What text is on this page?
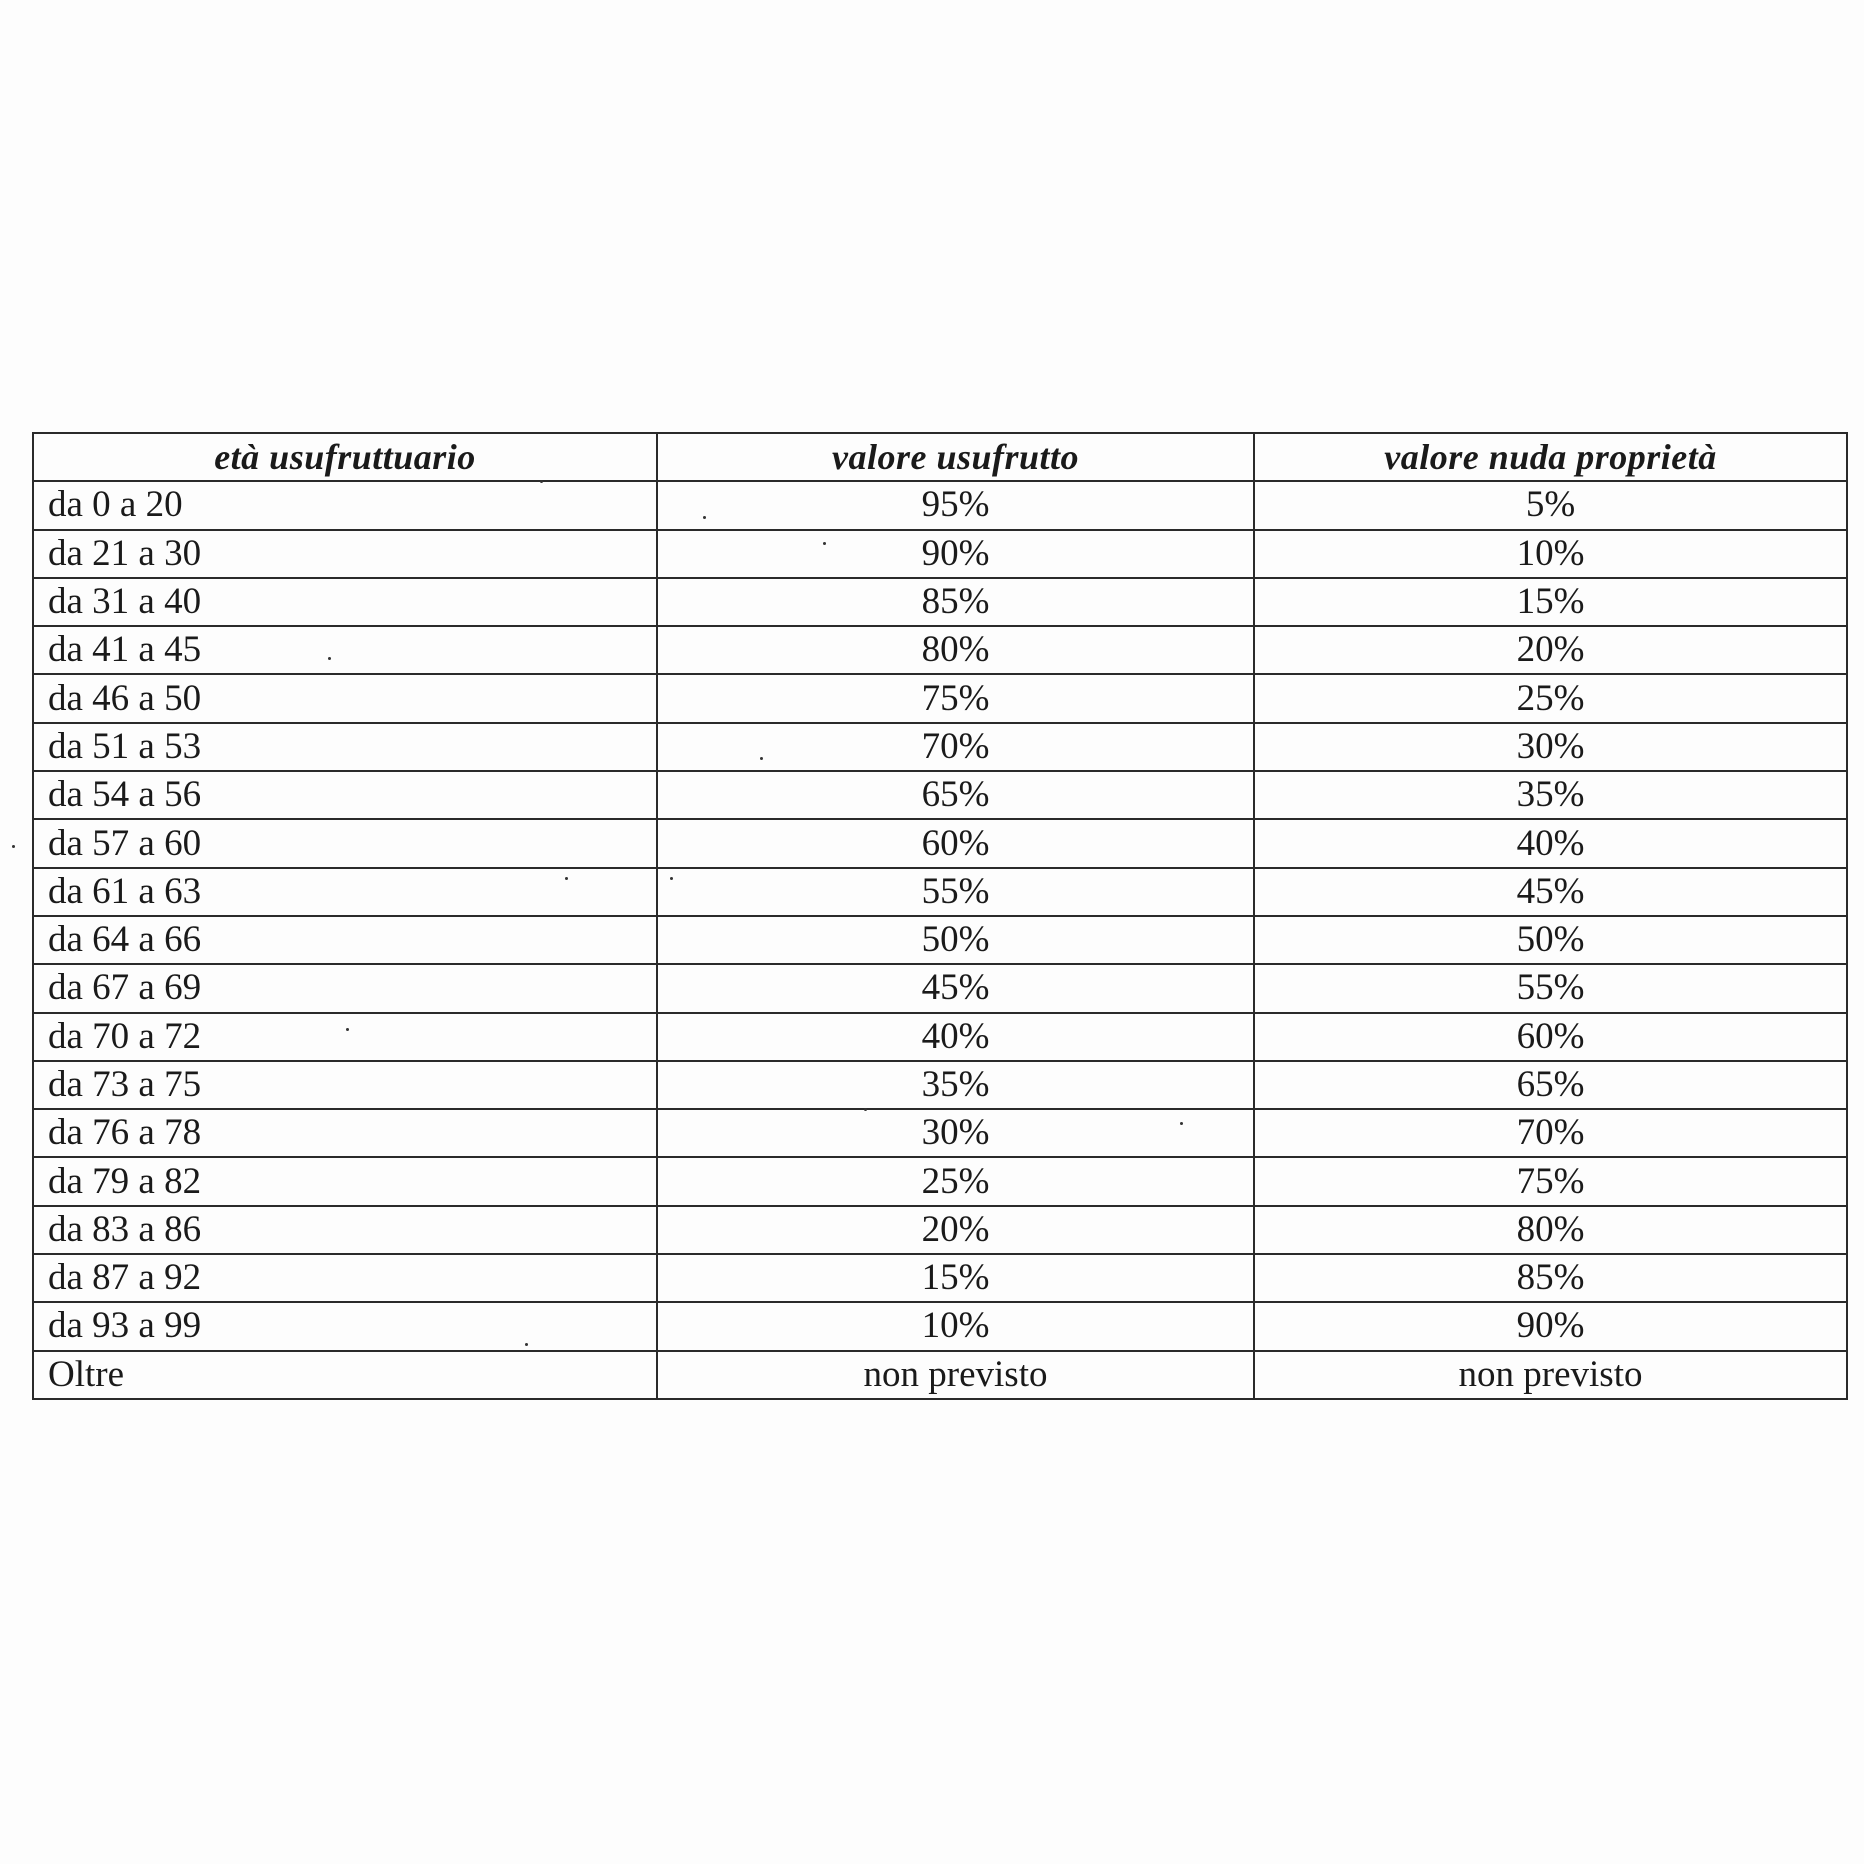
età usufruttuario	valore usufrutto	valore nuda proprietà
da 0 a 20	95%	5%
da 21 a 30	90%	10%
da 31 a 40	85%	15%
da 41 a 45	80%	20%
da 46 a 50	75%	25%
da 51 a 53	70%	30%
da 54 a 56	65%	35%
da 57 a 60	60%	40%
da 61 a 63	55%	45%
da 64 a 66	50%	50%
da 67 a 69	45%	55%
da 70 a 72	40%	60%
da 73 a 75	35%	65%
da 76 a 78	30%	70%
da 79 a 82	25%	75%
da 83 a 86	20%	80%
da 87 a 92	15%	85%
da 93 a 99	10%	90%
Oltre	non previsto	non previsto
